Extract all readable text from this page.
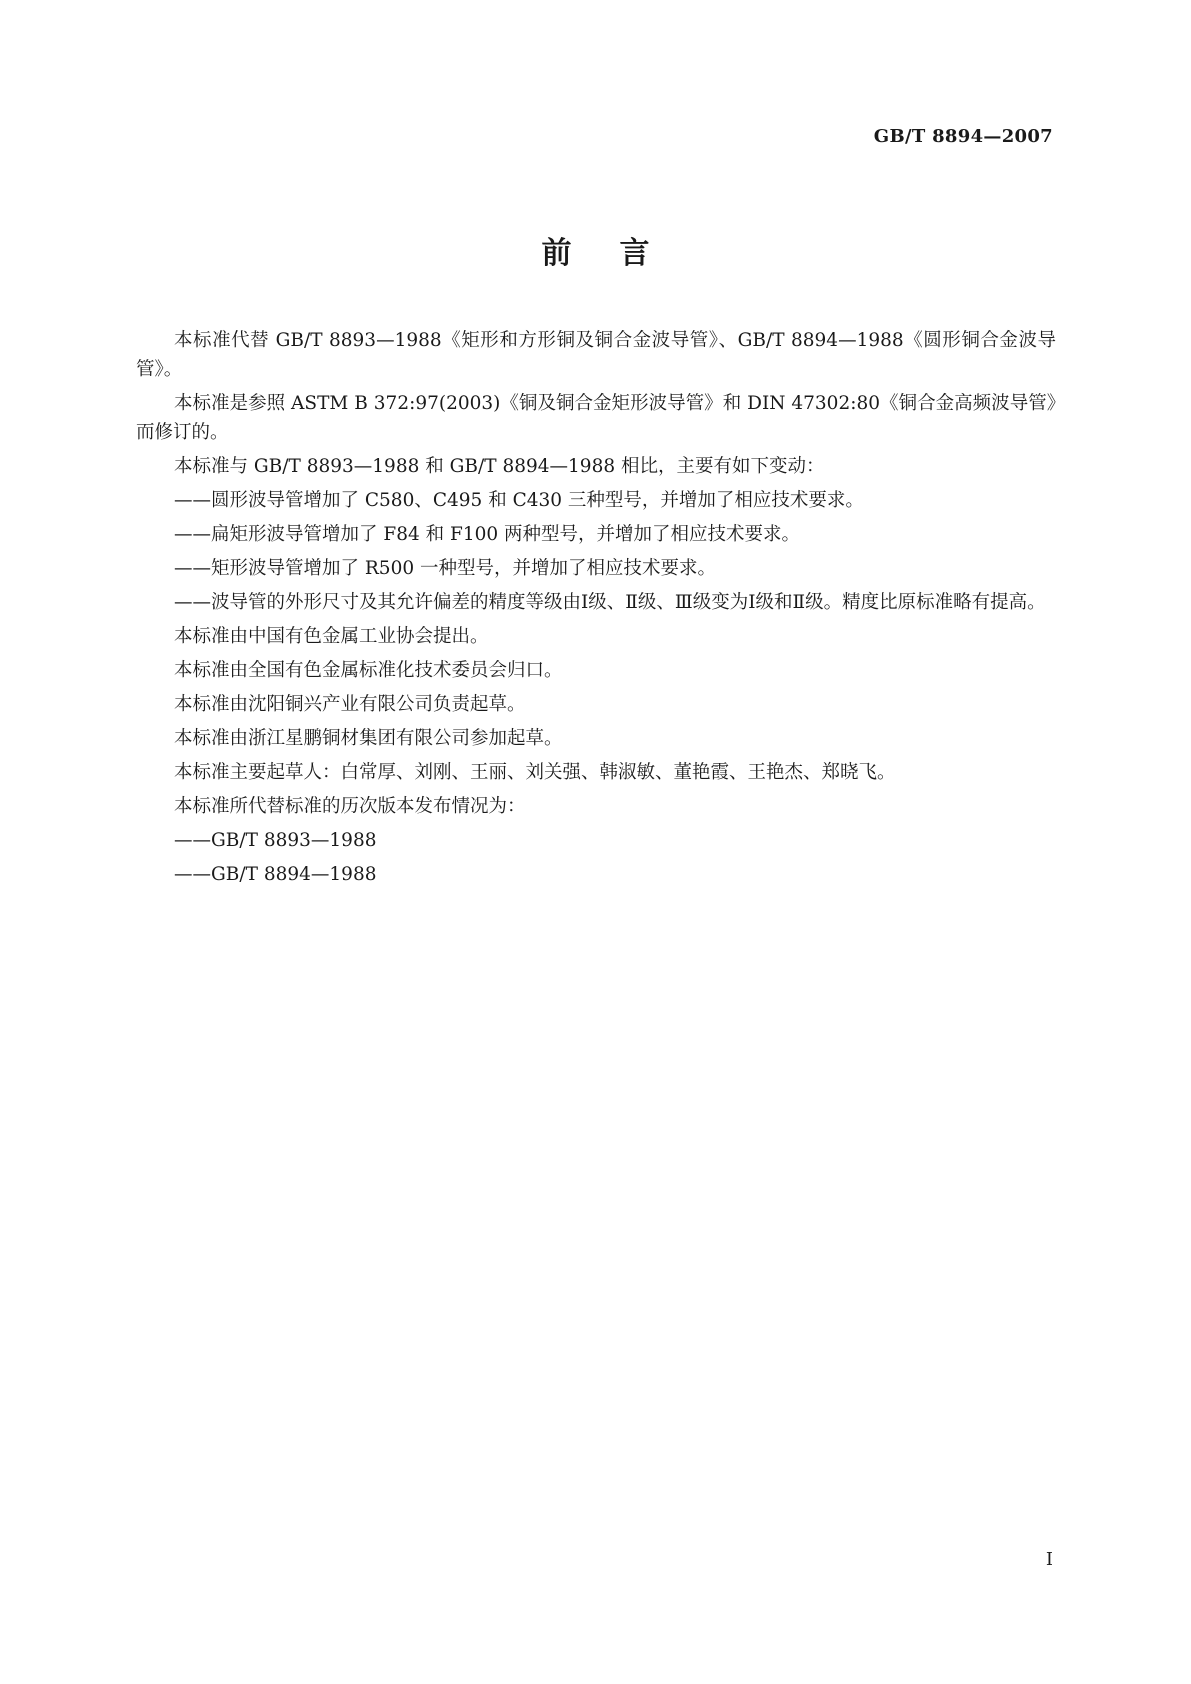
GB/T 8894—2007
前言

本标准代替 GB/T 8893—1988《矩形和方形铜及铜合金波导管》、GB/T 8894—1988《圆形铜合金波导管》。

本标准是参照 ASTM B 372:97(2003)《铜及铜合金矩形波导管》和 DIN 47302:80《铜合金高频波导管》而修订的。

本标准与 GB/T 8893—1988 和 GB/T 8894—1988 相比，主要有如下变动：

——圆形波导管增加了 C580、C495 和 C430 三种型号，并增加了相应技术要求。

——扁矩形波导管增加了 F84 和 F100 两种型号，并增加了相应技术要求。

——矩形波导管增加了 R500 一种型号，并增加了相应技术要求。

——波导管的外形尺寸及其允许偏差的精度等级由Ⅰ级、Ⅱ级、Ⅲ级变为Ⅰ级和Ⅱ级。精度比原标准略有提高。

本标准由中国有色金属工业协会提出。

本标准由全国有色金属标准化技术委员会归口。

本标准由沈阳铜兴产业有限公司负责起草。

本标准由浙江星鹏铜材集团有限公司参加起草。

本标准主要起草人：白常厚、刘刚、王丽、刘关强、韩淑敏、董艳霞、王艳杰、郑晓飞。

本标准所代替标准的历次版本发布情况为：

——GB/T 8893—1988

——GB/T 8894—1988

Ⅰ
